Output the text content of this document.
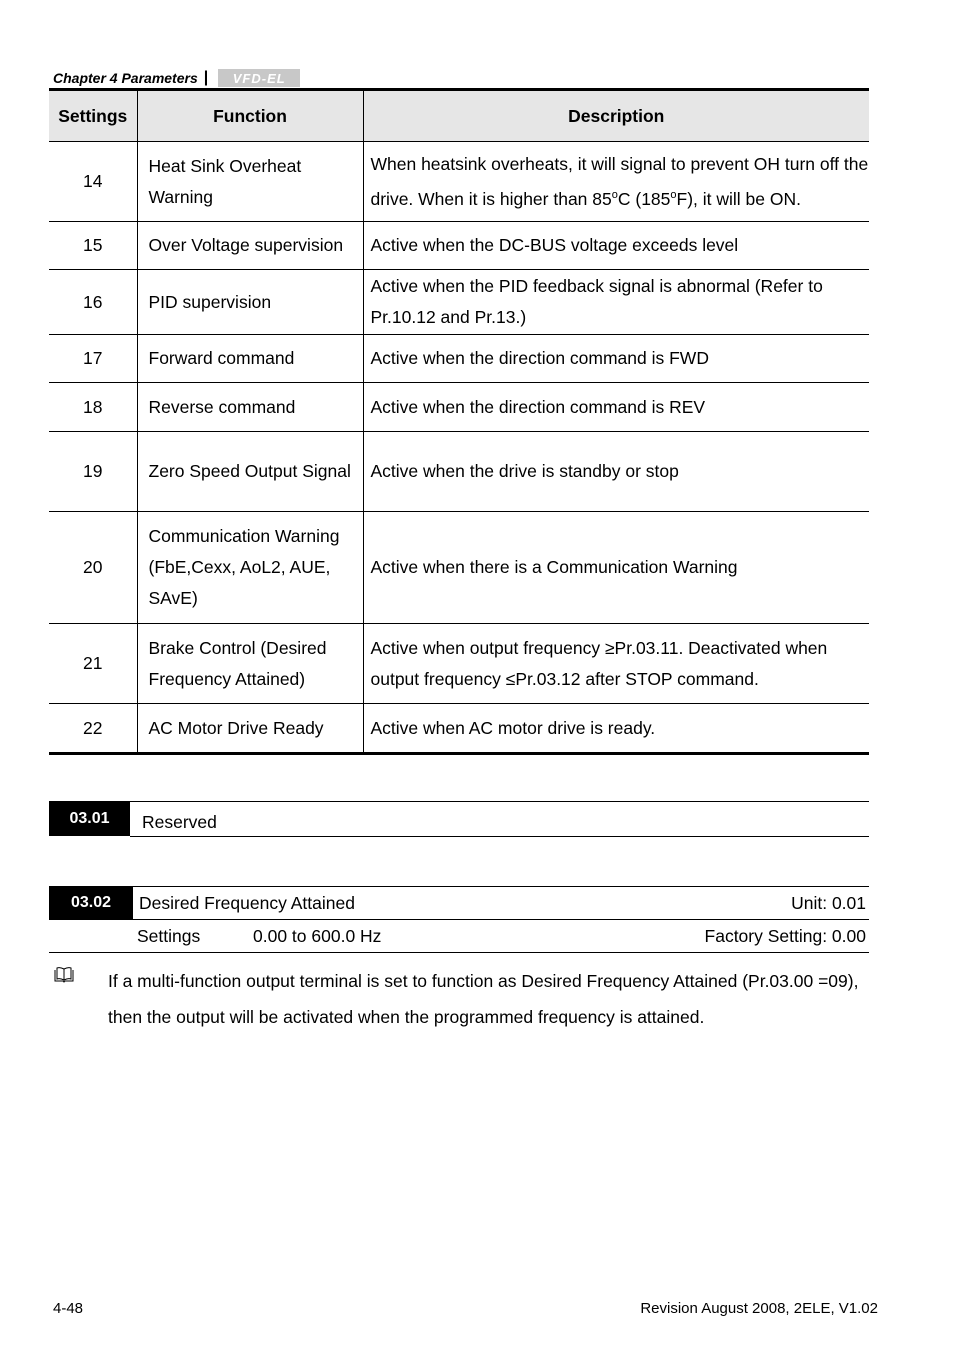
Chapter 4 Parameters |	VFD-EL
Settings	Function	Description
14	Heat Sink Overheat Warning	When heatsink overheats, it will signal to prevent OH turn off the drive. When it is higher than 85$^o$C (185$^o$F), it will be ON.
15	Over Voltage supervision	Active when the DC-BUS voltage exceeds level
16	PID supervision	Active when the PID feedback signal is abnormal (Refer to Pr.10.12 and Pr.13.)
17	Forward command	Active when the direction command is FWD
18	Reverse command	Active when the direction command is REV
19	Zero Speed Output Signal	Active when the drive is standby or stop
20	Communication Warning (FbE,Cexx, AoL2, AUE, SAvE)	Active when there is a Communication Warning
21	Brake Control (Desired Frequency Attained)	Active when output frequency ≥Pr.03.11. Deactivated when output frequency ≤Pr.03.12 after STOP command.
22	AC Motor Drive Ready	Active when AC motor drive is ready.
03.01	Reserved
03.02	Desired Frequency Attained	Unit: 0.01
Settings	0.00 to 600.0 Hz	Factory Setting: 0.00
If a multi-function output terminal is set to function as Desired Frequency Attained (Pr.03.00 =09), then the output will be activated when the programmed frequency is attained.
4-48	Revision August 2008, 2ELE, V1.02
